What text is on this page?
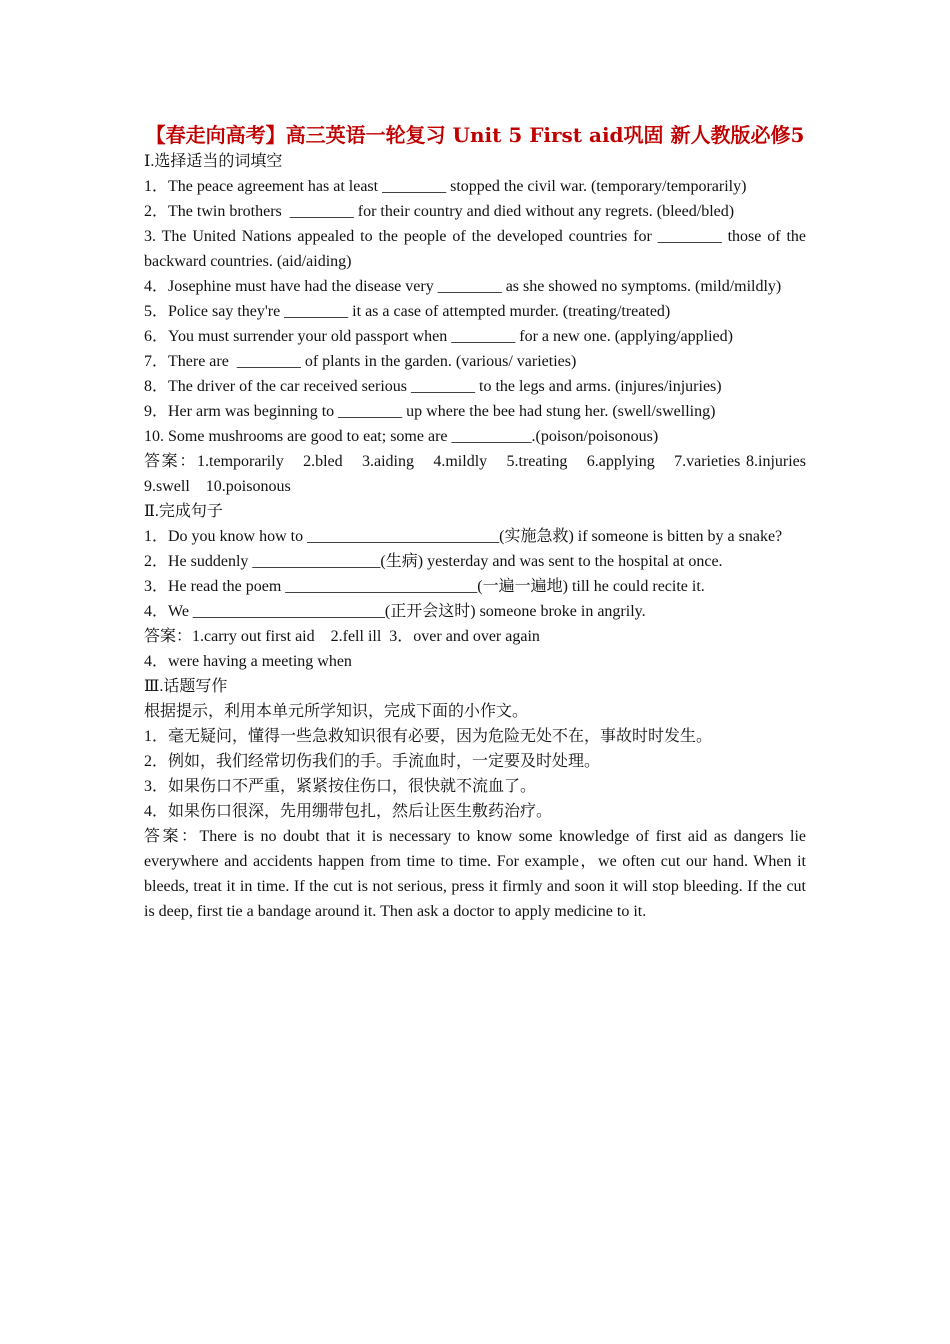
【春走向高考】高三英语一轮复习 Unit 5 First aid巩固 新人教版必修5
Ⅰ.选择适当的词填空
1．The peace agreement has at least ________ stopped the civil war. (temporary/temporarily)
2．The twin brothers  ________ for their country and died without any regrets. (bleed/bled)
3. The United Nations appealed to the people of the developed countries for ________ those of the backward countries. (aid/aiding)
4．Josephine must have had the disease very ________ as she showed no symptoms. (mild/mildly)
5．Police say they're ________ it as a case of attempted murder. (treating/treated)
6．You must surrender your old passport when ________ for a new one. (applying/applied)
7．There are  ________ of plants in the garden. (various/ varieties)
8．The driver of the car received serious ________ to the legs and arms. (injures/injuries)
9．Her arm was beginning to ________ up where the bee had stung her. (swell/swelling)
10. Some mushrooms are good to eat; some are __________.(poison/poisonous)
答案：1.temporarily　2.bled　3.aiding　4.mildly　5.treating　6.applying　7.varieties 8.injuries　9.swell　10.poisonous
Ⅱ.完成句子
1．Do you know how to ________________________(实施急救) if someone is bitten by a snake?
2．He suddenly ________________(生病) yesterday and was sent to the hospital at once.
3．He read the poem ________________________(一遍一遍地) till he could recite it.
4．We ________________________(正开会这时) someone broke in angrily.
答案：1.carry out first aid　2.fell ill  3．over and over again
4．were having a meeting when
Ⅲ.话题写作
根据提示，利用本单元所学知识，完成下面的小作文。
1．毫无疑问，懂得一些急救知识很有必要，因为危险无处不在，事故时时发生。
2．例如，我们经常切伤我们的手。手流血时，一定要及时处理。
3．如果伤口不严重，紧紧按住伤口，很快就不流血了。
4．如果伤口很深，先用绷带包扎，然后让医生敷药治疗。
答案：There is no doubt that it is necessary to know some knowledge of first aid as dangers lie everywhere and accidents happen from time to time. For example，we often cut our hand. When it bleeds, treat it in time. If the cut is not serious, press it firmly and soon it will stop bleeding. If the cut is deep, first tie a bandage around it. Then ask a doctor to apply medicine to it.
